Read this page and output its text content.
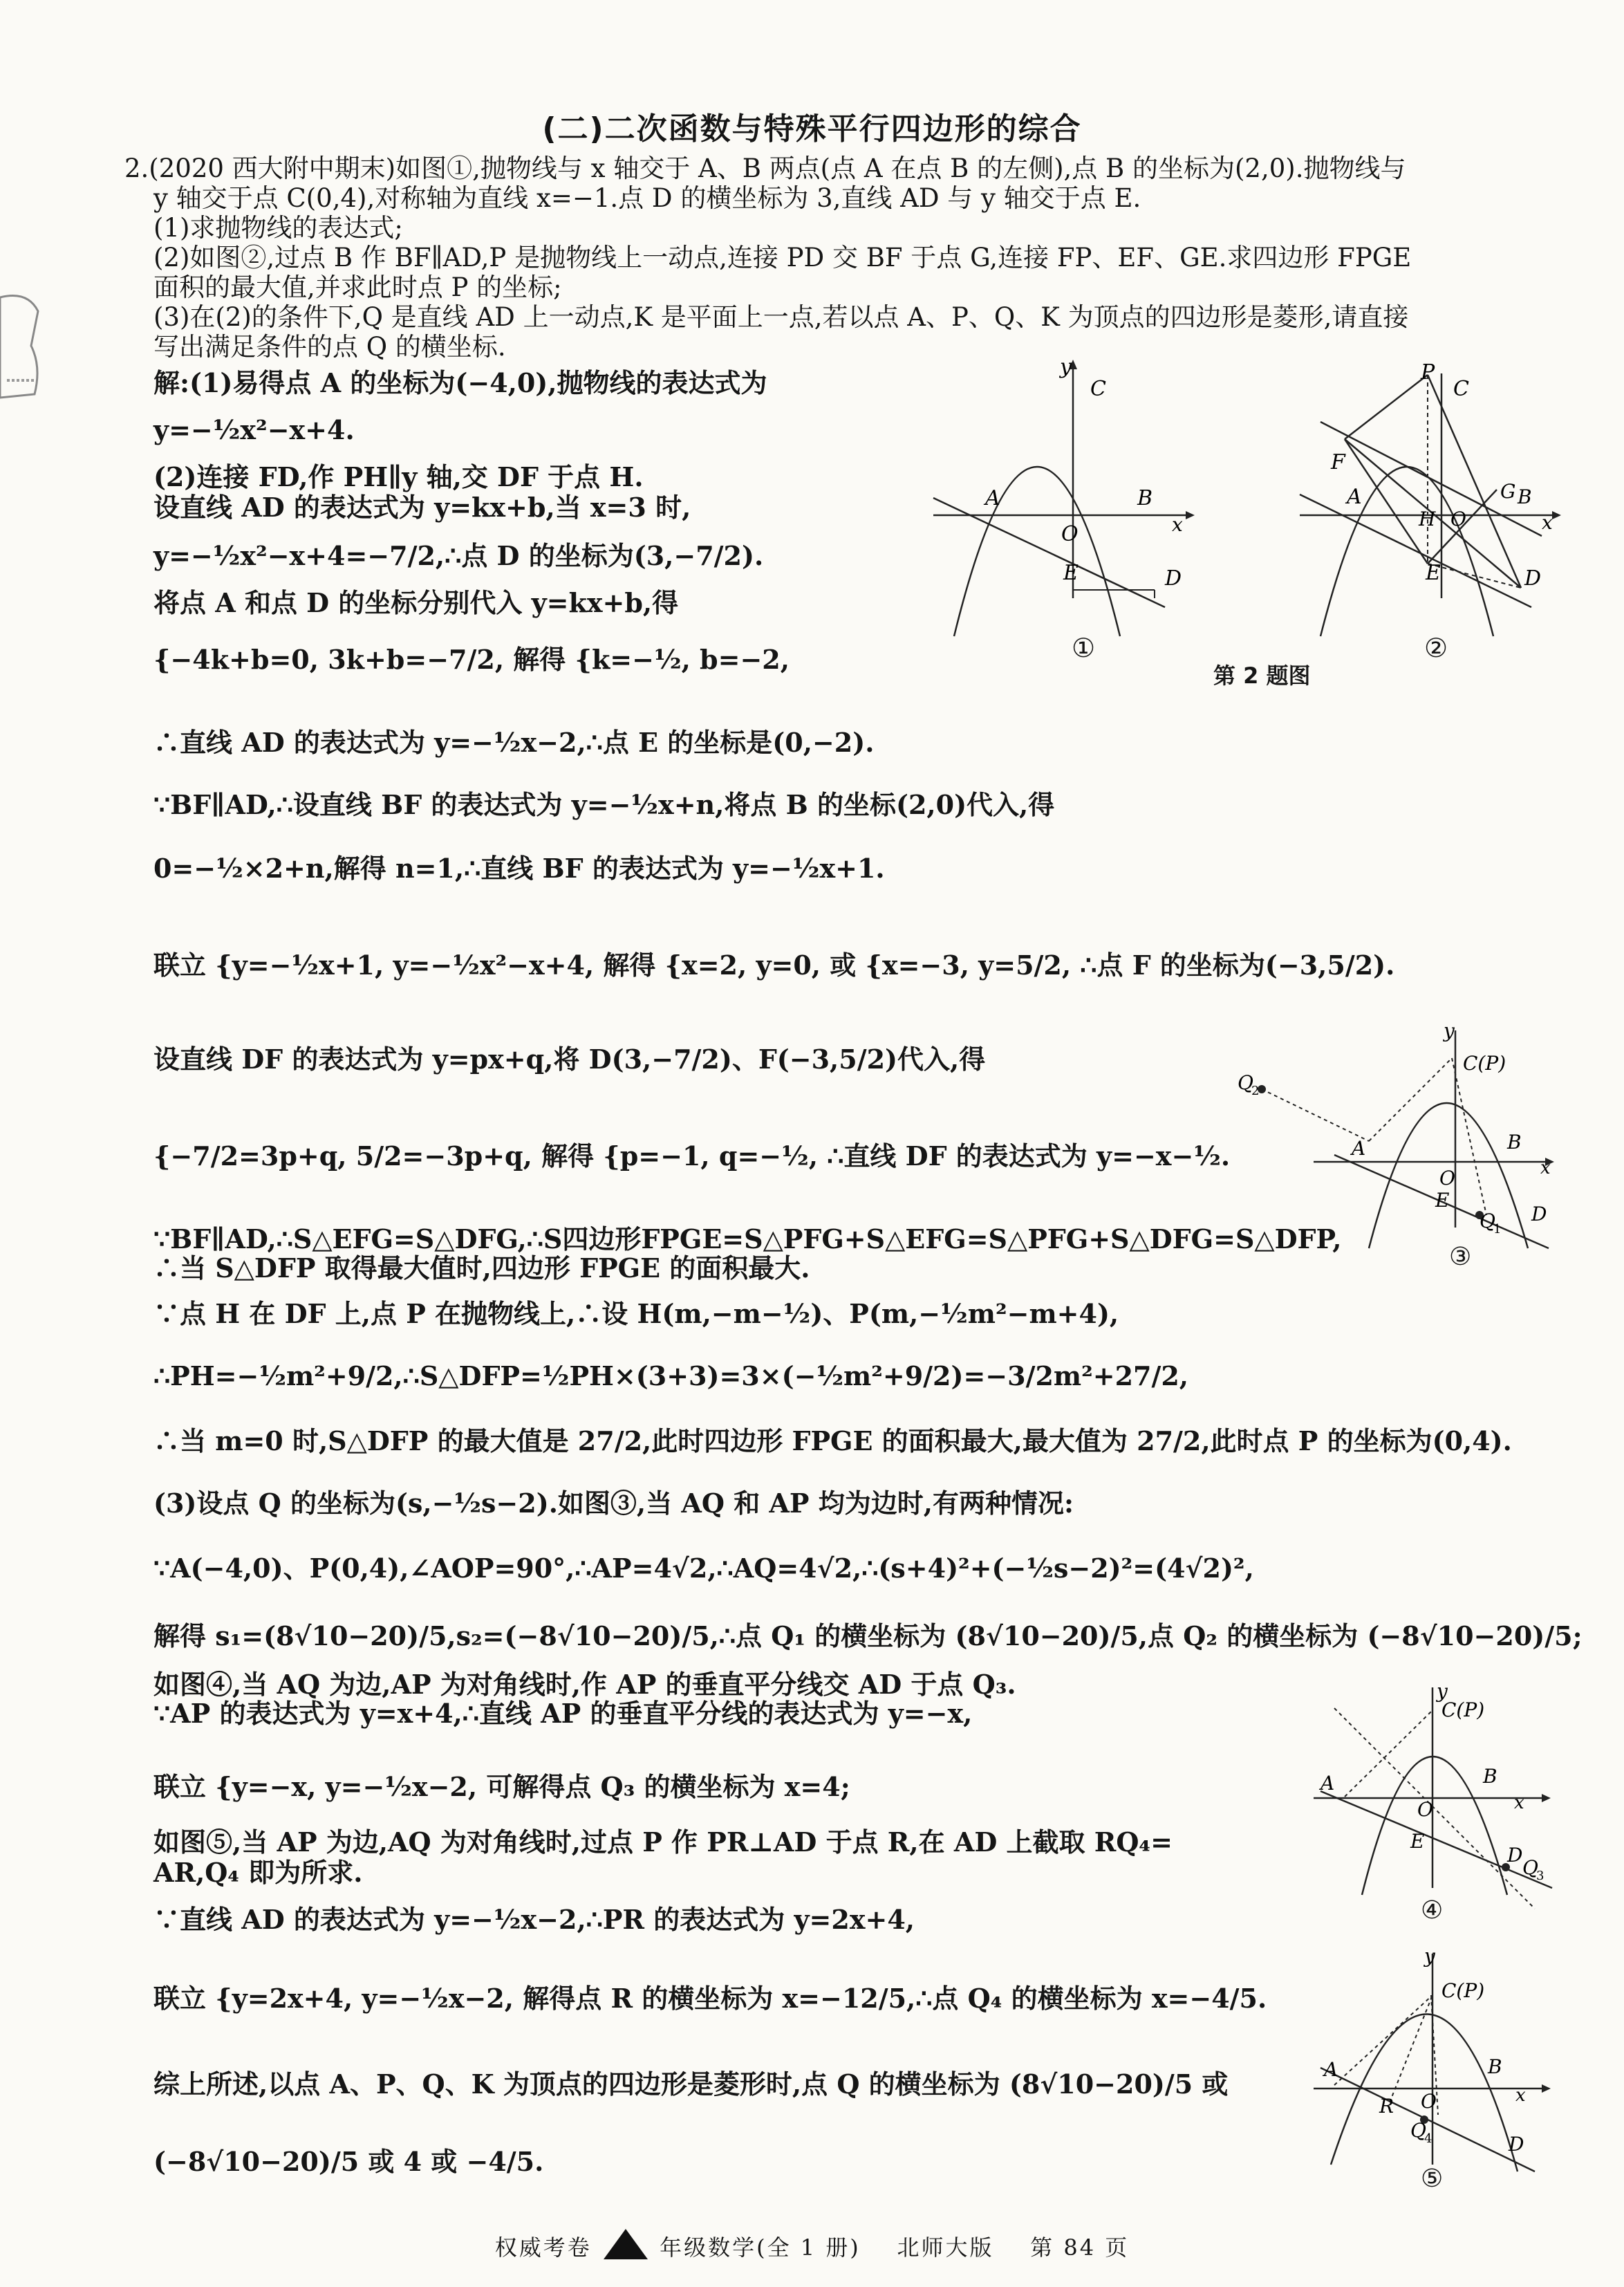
(二)二次函数与特殊平行四边形的综合
2.(2020 西大附中期末)如图①,抛物线与 x 轴交于 A、B 两点(点 A 在点 B 的左侧),点 B 的坐标为(2,0).抛物线与
y 轴交于点 C(0,4),对称轴为直线 x=−1.点 D 的横坐标为 3,直线 AD 与 y 轴交于点 E.
(1)求抛物线的表达式;
(2)如图②,过点 B 作 BF∥AD,P 是抛物线上一动点,连接 PD 交 BF 于点 G,连接 FP、EF、GE.求四边形 FPGE
面积的最大值,并求此时点 P 的坐标;
(3)在(2)的条件下,Q 是直线 AD 上一动点,K 是平面上一点,若以点 A、P、Q、K 为顶点的四边形是菱形,请直接
写出满足条件的点 Q 的横坐标.
解:(1)易得点 A 的坐标为(−4,0),抛物线的表达式为
y=−½x²−x+4.
(2)连接 FD,作 PH∥y 轴,交 DF 于点 H.
设直线 AD 的表达式为 y=kx+b,当 x=3 时,
y=−½x²−x+4=−7/2,∴点 D 的坐标为(3,−7/2).
将点 A 和点 D 的坐标分别代入 y=kx+b,得
{−4k+b=0, 3k+b=−7/2, 解得 {k=−½, b=−2,
∴直线 AD 的表达式为 y=−½x−2,∴点 E 的坐标是(0,−2).
∵BF∥AD,∴设直线 BF 的表达式为 y=−½x+n,将点 B 的坐标(2,0)代入,得
0=−½×2+n,解得 n=1,∴直线 BF 的表达式为 y=−½x+1.
联立 {y=−½x+1, y=−½x²−x+4, 解得 {x=2, y=0, 或 {x=−3, y=5/2, ∴点 F 的坐标为(−3,5/2).
设直线 DF 的表达式为 y=px+q,将 D(3,−7/2)、F(−3,5/2)代入,得
{−7/2=3p+q, 5/2=−3p+q, 解得 {p=−1, q=−½, ∴直线 DF 的表达式为 y=−x−½.
∵BF∥AD,∴S△EFG=S△DFG,∴S四边形FPGE=S△PFG+S△EFG=S△PFG+S△DFG=S△DFP,
∴当 S△DFP 取得最大值时,四边形 FPGE 的面积最大.
∵点 H 在 DF 上,点 P 在抛物线上,∴设 H(m,−m−½)、P(m,−½m²−m+4),
∴PH=−½m²+9/2,∴S△DFP=½PH×(3+3)=3×(−½m²+9/2)=−3/2m²+27/2,
∴当 m=0 时,S△DFP 的最大值是 27/2,此时四边形 FPGE 的面积最大,最大值为 27/2,此时点 P 的坐标为(0,4).
(3)设点 Q 的坐标为(s,−½s−2).如图③,当 AQ 和 AP 均为边时,有两种情况:
∵A(−4,0)、P(0,4),∠AOP=90°,∴AP=4√2,∴AQ=4√2,∴(s+4)²+(−½s−2)²=(4√2)²,
解得 s₁=(8√10−20)/5,s₂=(−8√10−20)/5,∴点 Q₁ 的横坐标为 (8√10−20)/5,点 Q₂ 的横坐标为 (−8√10−20)/5;
如图④,当 AQ 为边,AP 为对角线时,作 AP 的垂直平分线交 AD 于点 Q₃.
∵AP 的表达式为 y=x+4,∴直线 AP 的垂直平分线的表达式为 y=−x,
联立 {y=−x, y=−½x−2, 可解得点 Q₃ 的横坐标为 x=4;
如图⑤,当 AP 为边,AQ 为对角线时,过点 P 作 PR⊥AD 于点 R,在 AD 上截取 RQ₄=
AR,Q₄ 即为所求.
∵直线 AD 的表达式为 y=−½x−2,∴PR 的表达式为 y=2x+4,
联立 {y=2x+4, y=−½x−2, 解得点 R 的横坐标为 x=−12/5,∴点 Q₄ 的横坐标为 x=−4/5.
综上所述,以点 A、P、Q、K 为顶点的四边形是菱形时,点 Q 的横坐标为 (8√10−20)/5 或
(−8√10−20)/5 或 4 或 −4/5.
y
C
A	B
O	x
E	D
①
P
C
F
A
H O
G B
x
E	D
②
第 2 题图
Q
2
y
C(P)
A	B
O	x
E
Q
1
D
③
y
C(P)
A	B
O	x
E
D
Q
3
④
y
C(P)
A	B
O	x
R
Q
4	D
⑤
权威考卷	年级数学(全 1 册) 北师大版 第 84 页
